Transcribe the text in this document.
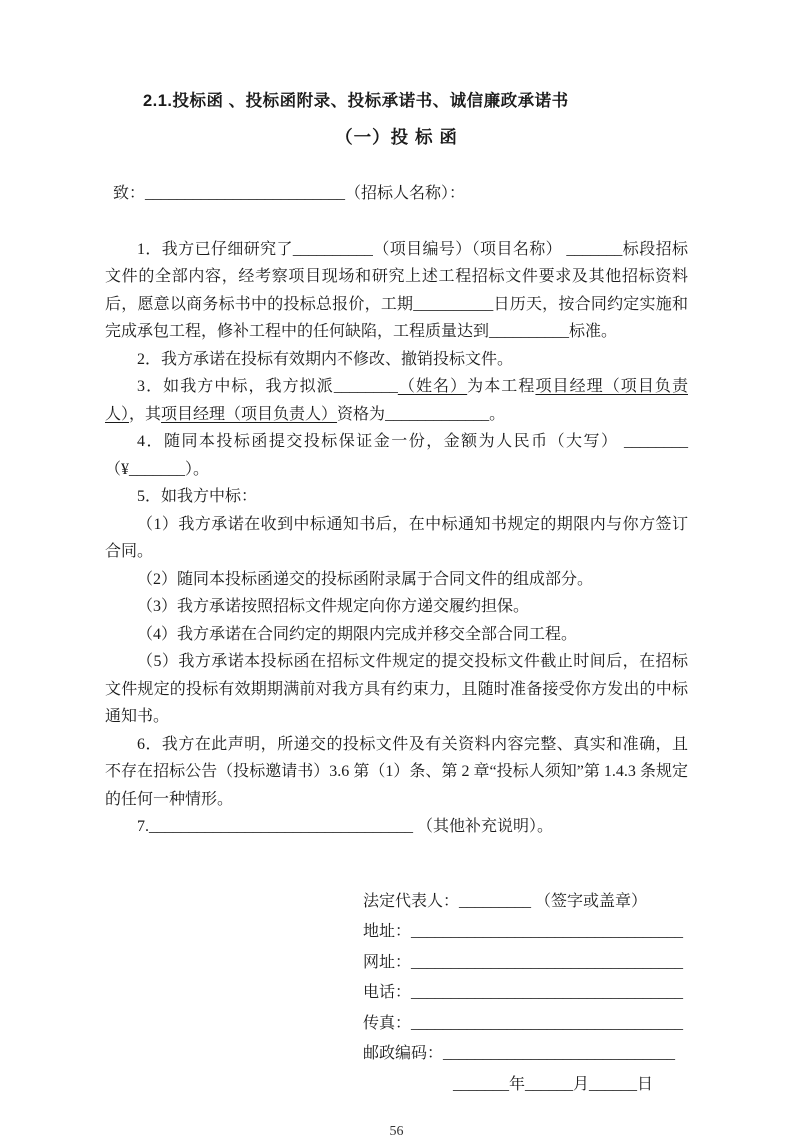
2.1.投标函 、投标函附录、投标承诺书、诚信廉政承诺书
（一）投 标 函

致：_________________________（招标人名称）：

1．我方已仔细研究了__________（项目编号）（项目名称） _______标段招标文件的全部内容，经考察项目现场和研究上述工程招标文件要求及其他招标资料后，愿意以商务标书中的投标总报价，工期__________日历天，按合同约定实施和完成承包工程，修补工程中的任何缺陷，工程质量达到__________标准。

2．我方承诺在投标有效期内不修改、撤销投标文件。

3．如我方中标，我方拟派________（姓名）为本工程项目经理（项目负责人），其项目经理（项目负责人）资格为_____________。

4．随同本投标函提交投标保证金一份，金额为人民币（大写） ________ （¥_______）。

5．如我方中标：

（1）我方承诺在收到中标通知书后，在中标通知书规定的期限内与你方签订合同。

（2）随同本投标函递交的投标函附录属于合同文件的组成部分。

（3）我方承诺按照招标文件规定向你方递交履约担保。

（4）我方承诺在合同约定的期限内完成并移交全部合同工程。

（5）我方承诺本投标函在招标文件规定的提交投标文件截止时间后，在招标文件规定的投标有效期期满前对我方具有约束力，且随时准备接受你方发出的中标通知书。

6．我方在此声明，所递交的投标文件及有关资料内容完整、真实和准确，且不存在招标公告（投标邀请书）3.6 第（1）条、第 2 章“投标人须知”第 1.4.3 条规定的任何一种情形。

7._________________________________ （其他补充说明）。

法定代表人：_________ （签字或盖章）

地址：__________________________________

网址：__________________________________

电话：__________________________________

传真：__________________________________

邮政编码：_____________________________

_______年______月______日

56
